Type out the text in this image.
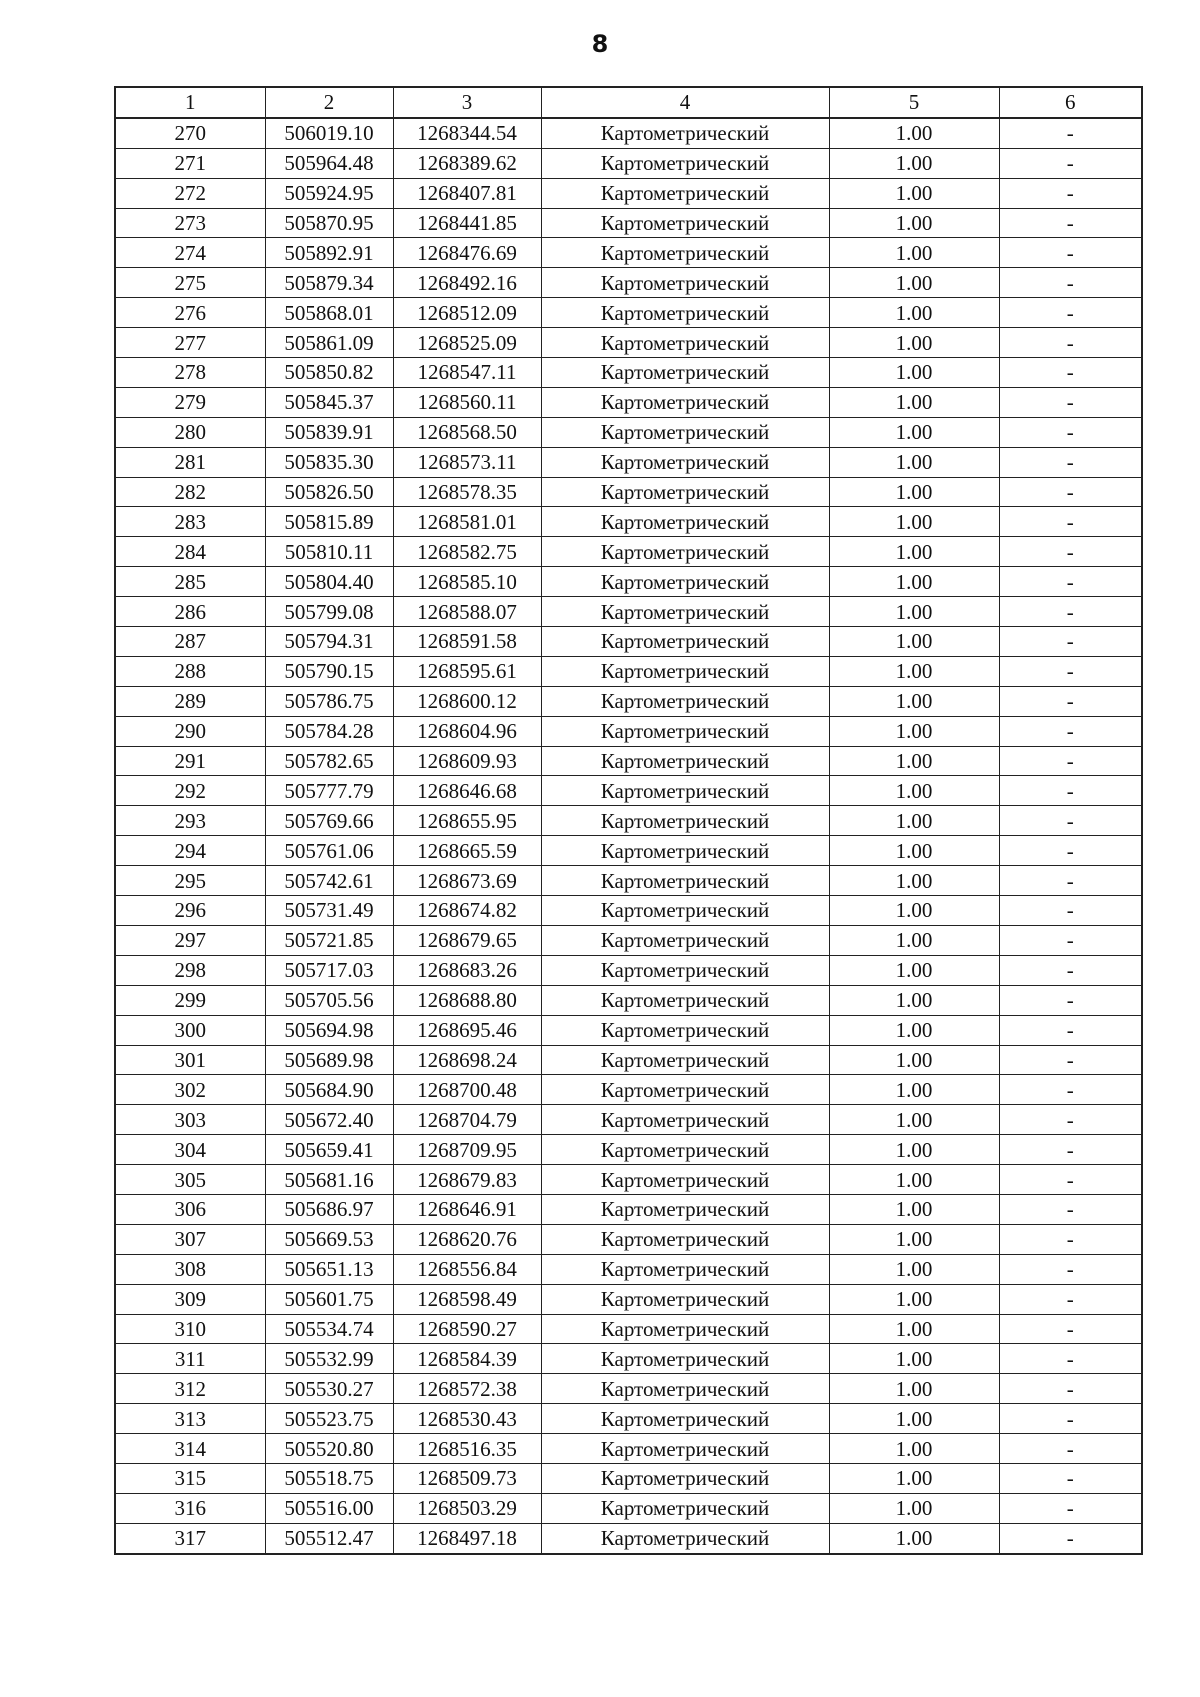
8
1	2	3	4	5	6
270	506019.10	1268344.54	Картометрический	1.00	-
271	505964.48	1268389.62	Картометрический	1.00	-
272	505924.95	1268407.81	Картометрический	1.00	-
273	505870.95	1268441.85	Картометрический	1.00	-
274	505892.91	1268476.69	Картометрический	1.00	-
275	505879.34	1268492.16	Картометрический	1.00	-
276	505868.01	1268512.09	Картометрический	1.00	-
277	505861.09	1268525.09	Картометрический	1.00	-
278	505850.82	1268547.11	Картометрический	1.00	-
279	505845.37	1268560.11	Картометрический	1.00	-
280	505839.91	1268568.50	Картометрический	1.00	-
281	505835.30	1268573.11	Картометрический	1.00	-
282	505826.50	1268578.35	Картометрический	1.00	-
283	505815.89	1268581.01	Картометрический	1.00	-
284	505810.11	1268582.75	Картометрический	1.00	-
285	505804.40	1268585.10	Картометрический	1.00	-
286	505799.08	1268588.07	Картометрический	1.00	-
287	505794.31	1268591.58	Картометрический	1.00	-
288	505790.15	1268595.61	Картометрический	1.00	-
289	505786.75	1268600.12	Картометрический	1.00	-
290	505784.28	1268604.96	Картометрический	1.00	-
291	505782.65	1268609.93	Картометрический	1.00	-
292	505777.79	1268646.68	Картометрический	1.00	-
293	505769.66	1268655.95	Картометрический	1.00	-
294	505761.06	1268665.59	Картометрический	1.00	-
295	505742.61	1268673.69	Картометрический	1.00	-
296	505731.49	1268674.82	Картометрический	1.00	-
297	505721.85	1268679.65	Картометрический	1.00	-
298	505717.03	1268683.26	Картометрический	1.00	-
299	505705.56	1268688.80	Картометрический	1.00	-
300	505694.98	1268695.46	Картометрический	1.00	-
301	505689.98	1268698.24	Картометрический	1.00	-
302	505684.90	1268700.48	Картометрический	1.00	-
303	505672.40	1268704.79	Картометрический	1.00	-
304	505659.41	1268709.95	Картометрический	1.00	-
305	505681.16	1268679.83	Картометрический	1.00	-
306	505686.97	1268646.91	Картометрический	1.00	-
307	505669.53	1268620.76	Картометрический	1.00	-
308	505651.13	1268556.84	Картометрический	1.00	-
309	505601.75	1268598.49	Картометрический	1.00	-
310	505534.74	1268590.27	Картометрический	1.00	-
311	505532.99	1268584.39	Картометрический	1.00	-
312	505530.27	1268572.38	Картометрический	1.00	-
313	505523.75	1268530.43	Картометрический	1.00	-
314	505520.80	1268516.35	Картометрический	1.00	-
315	505518.75	1268509.73	Картометрический	1.00	-
316	505516.00	1268503.29	Картометрический	1.00	-
317	505512.47	1268497.18	Картометрический	1.00	-
